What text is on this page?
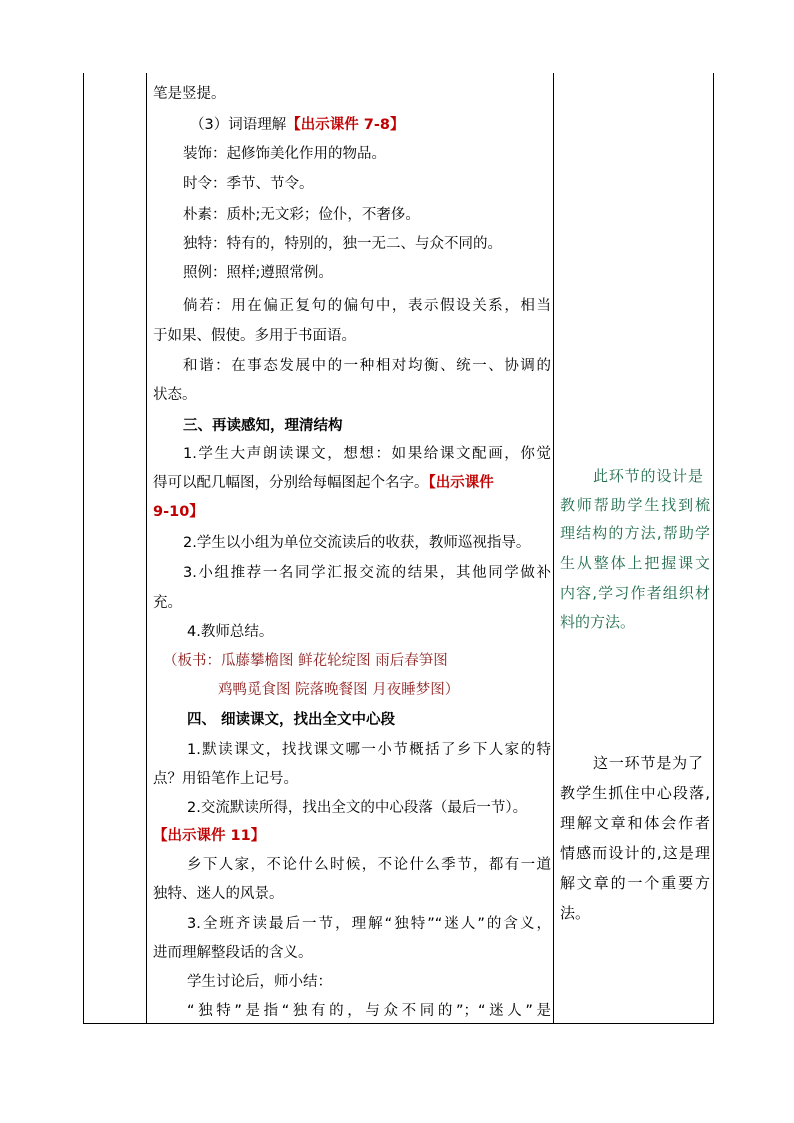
笔是竖提。
（3）词语理解【出示课件 7-8】
装饰：起修饰美化作用的物品。
时令：季节、节令。
朴素：质朴;无文彩；俭仆，不奢侈。
独特：特有的，特别的，独一无二、与众不同的。
照例：照样;遵照常例。
倘若：用在偏正复句的偏句中，表示假设关系，相当
于如果、假使。多用于书面语。
和谐：在事态发展中的一种相对均衡、统一、协调的
状态。
三、再读感知，理清结构
1.学生大声朗读课文，想想：如果给课文配画，你觉
得可以配几幅图，分别给每幅图起个名字。【出示课件
9-10】
2.学生以小组为单位交流读后的收获，教师巡视指导。
3.小组推荐一名同学汇报交流的结果，其他同学做补
充。
4.教师总结。
（板书：瓜藤攀檐图 鲜花轮绽图 雨后春笋图
鸡鸭觅食图 院落晚餐图 月夜睡梦图）
四、 细读课文，找出全文中心段
1.默读课文，找找课文哪一小节概括了乡下人家的特
点？用铅笔作上记号。
2.交流默读所得，找出全文的中心段落（最后一节）。
【出示课件 11】
乡下人家，不论什么时候，不论什么季节，都有一道
独特、迷人的风景。
3.全班齐读最后一节，理解“独特”“迷人”的含义，
进而理解整段话的含义。
学生讨论后，师小结：
“独特”是指“独有的，与众不同的”；“迷人”是
此环节的设计是
教师帮助学生找到梳
理结构的方法,帮助学
生从整体上把握课文
内容,学习作者组织材
料的方法。
这一环节是为了
教学生抓住中心段落,
理解文章和体会作者
情感而设计的,这是理
解文章的一个重要方
法。
